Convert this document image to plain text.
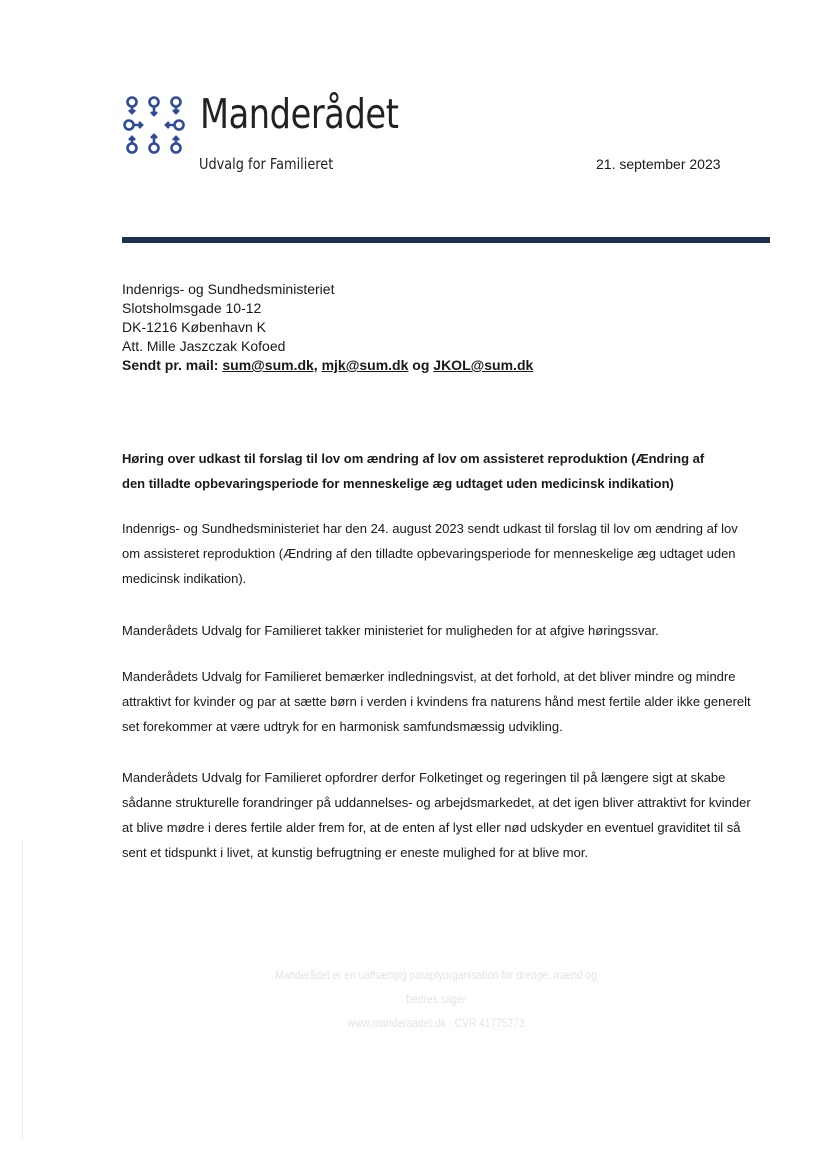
Manderådet
Udvalg for Familieret	21. september 2023
Indenrigs- og Sundhedsministeriet
Slotsholmsgade 10-12
DK-1216 København K
Att. Mille Jaszczak Kofoed
Sendt pr. mail: sum@sum.dk, mjk@sum.dk og JKOL@sum.dk
Høring over udkast til forslag til lov om ændring af lov om assisteret reproduktion (Ændring af den tilladte opbevaringsperiode for menneskelige æg udtaget uden medicinsk indikation)
Indenrigs- og Sundhedsministeriet har den 24. august 2023 sendt udkast til forslag til lov om ændring af lov om assisteret reproduktion (Ændring af den tilladte opbevaringsperiode for menneskelige æg udtaget uden medicinsk indikation).
Manderådets Udvalg for Familieret takker ministeriet for muligheden for at afgive høringssvar.
Manderådets Udvalg for Familieret bemærker indledningsvist, at det forhold, at det bliver mindre og mindre attraktivt for kvinder og par at sætte børn i verden i kvindens fra naturens hånd mest fertile alder ikke generelt set forekommer at være udtryk for en harmonisk samfundsmæssig udvikling.
Manderådets Udvalg for Familieret opfordrer derfor Folketinget og regeringen til på længere sigt at skabe sådanne strukturelle forandringer på uddannelses- og arbejdsmarkedet, at det igen bliver attraktivt for kvinder at blive mødre i deres fertile alder frem for, at de enten af lyst eller nød udskyder en eventuel graviditet til så sent et tidspunkt i livet, at kunstig befrugtning er eneste mulighed for at blive mor.
Manderådet er en uafhængig paraplyorganisation for drenge, mænd og fædres sager
www.manderaadet.dk · CVR 41775273
